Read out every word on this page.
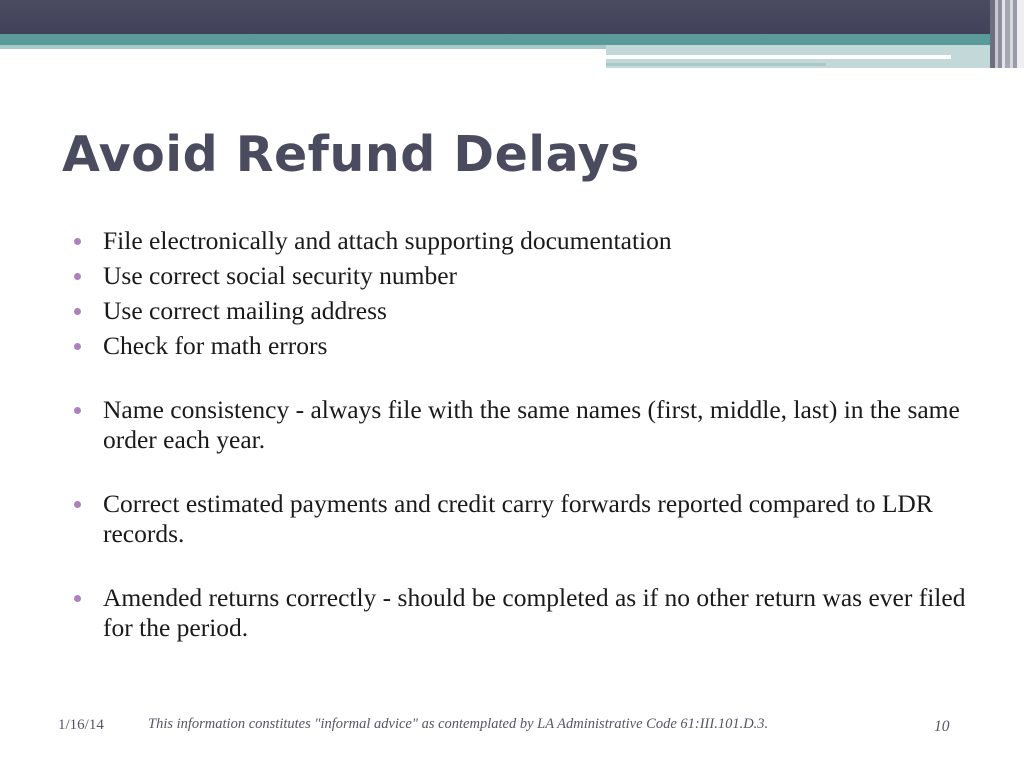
Avoid Refund Delays
File electronically and attach supporting documentation
Use correct social security number
Use correct mailing address
Check for math errors
Name consistency - always file with the same names (first, middle, last) in the same order each year.
Correct estimated payments and credit carry forwards reported compared to LDR records.
Amended returns correctly - should be completed as if no other return was ever filed for the period.
1/16/14	This information constitutes "informal advice" as contemplated by LA Administrative Code 61:III.101.D.3.	10
